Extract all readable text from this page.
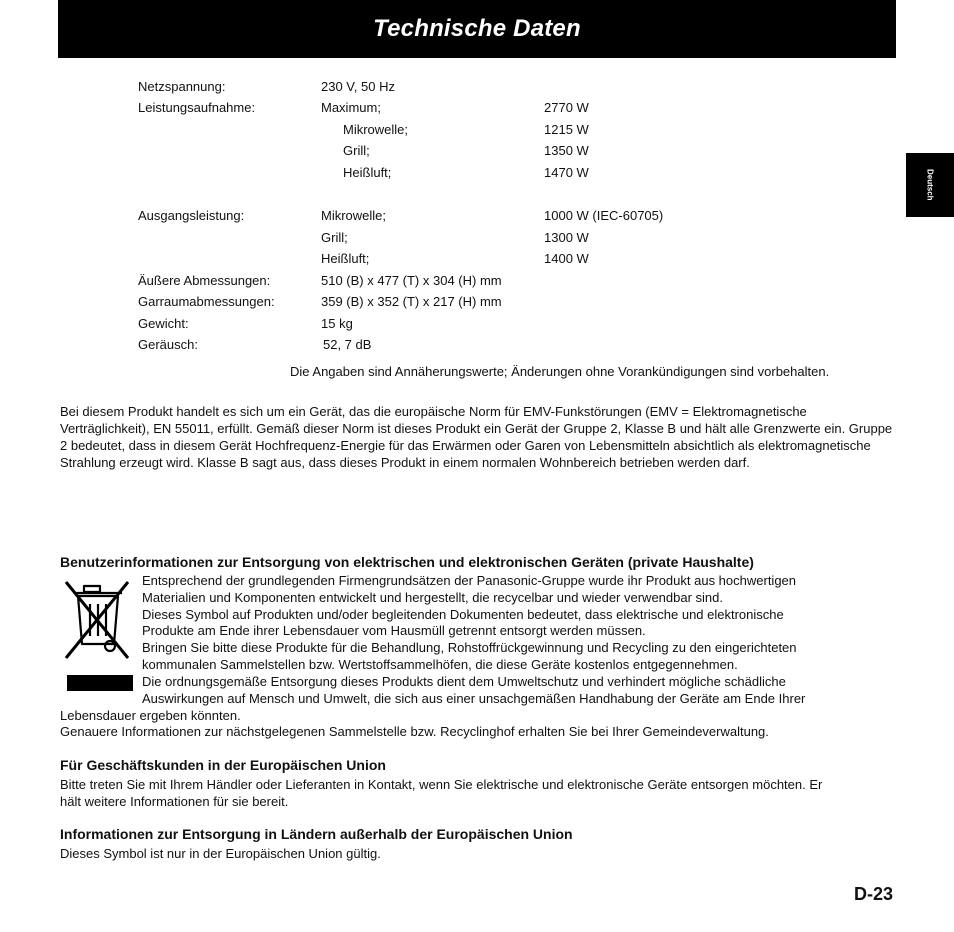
Technische Daten
Deutsch
Netzspannung:	230 V, 50 Hz
Leistungsaufnahme:	Maximum;	2770 W
Mikrowelle;	1215 W
Grill;	1350 W
Heißluft;	1470 W
Ausgangsleistung:	Mikrowelle;	1000 W (IEC-60705)
Grill;	1300 W
Heißluft;	1400 W
Äußere Abmessungen:	510 (B) x 477 (T) x 304 (H) mm
Garraumabmessungen:	359 (B) x 352 (T) x 217 (H) mm
Gewicht:	15 kg
Geräusch:	52, 7 dB
Die Angaben sind Annäherungswerte; Änderungen ohne Vorankündigungen sind vorbehalten.

Bei diesem Produkt handelt es sich um ein Gerät, das die europäische Norm für EMV-Funkstörungen (EMV = Elektromagnetische Verträglichkeit), EN 55011, erfüllt. Gemäß dieser Norm ist dieses Produkt ein Gerät der Gruppe 2, Klasse B und hält alle Grenzwerte ein. Gruppe 2 bedeutet, dass in diesem Gerät Hochfrequenz-Energie für das Erwärmen oder Garen von Lebensmitteln absichtlich als elektromagnetische Strahlung erzeugt wird. Klasse B sagt aus, dass dieses Produkt in einem normalen Wohnbereich betrieben werden darf.

Benutzerinformationen zur Entsorgung von elektrischen und elektronischen Geräten (private Haushalte)
Entsprechend der grundlegenden Firmengrundsätzen der Panasonic-Gruppe wurde ihr Produkt aus hochwertigen
Materialien und Komponenten entwickelt und hergestellt, die recycelbar und wieder verwendbar sind.
Dieses Symbol auf Produkten und/oder begleitenden Dokumenten bedeutet, dass elektrische und elektronische
Produkte am Ende ihrer Lebensdauer vom Hausmüll getrennt entsorgt werden müssen.
Bringen Sie bitte diese Produkte für die Behandlung, Rohstoffrückgewinnung und Recycling zu den eingerichteten
kommunalen Sammelstellen bzw. Wertstoffsammelhöfen, die diese Geräte kostenlos entgegennehmen.
Die ordnungsgemäße Entsorgung dieses Produkts dient dem Umweltschutz und verhindert mögliche schädliche
Auswirkungen auf Mensch und Umwelt, die sich aus einer unsachgemäßen Handhabung der Geräte am Ende Ihrer
Lebensdauer ergeben könnten.
Genauere Informationen zur nächstgelegenen Sammelstelle bzw. Recyclinghof erhalten Sie bei Ihrer Gemeindeverwaltung.
Für Geschäftskunden in der Europäischen Union
Bitte treten Sie mit Ihrem Händler oder Lieferanten in Kontakt, wenn Sie elektrische und elektronische Geräte entsorgen möchten. Er
hält weitere Informationen für sie bereit.
Informationen zur Entsorgung in Ländern außerhalb der Europäischen Union
Dieses Symbol ist nur in der Europäischen Union gültig.
D-23
